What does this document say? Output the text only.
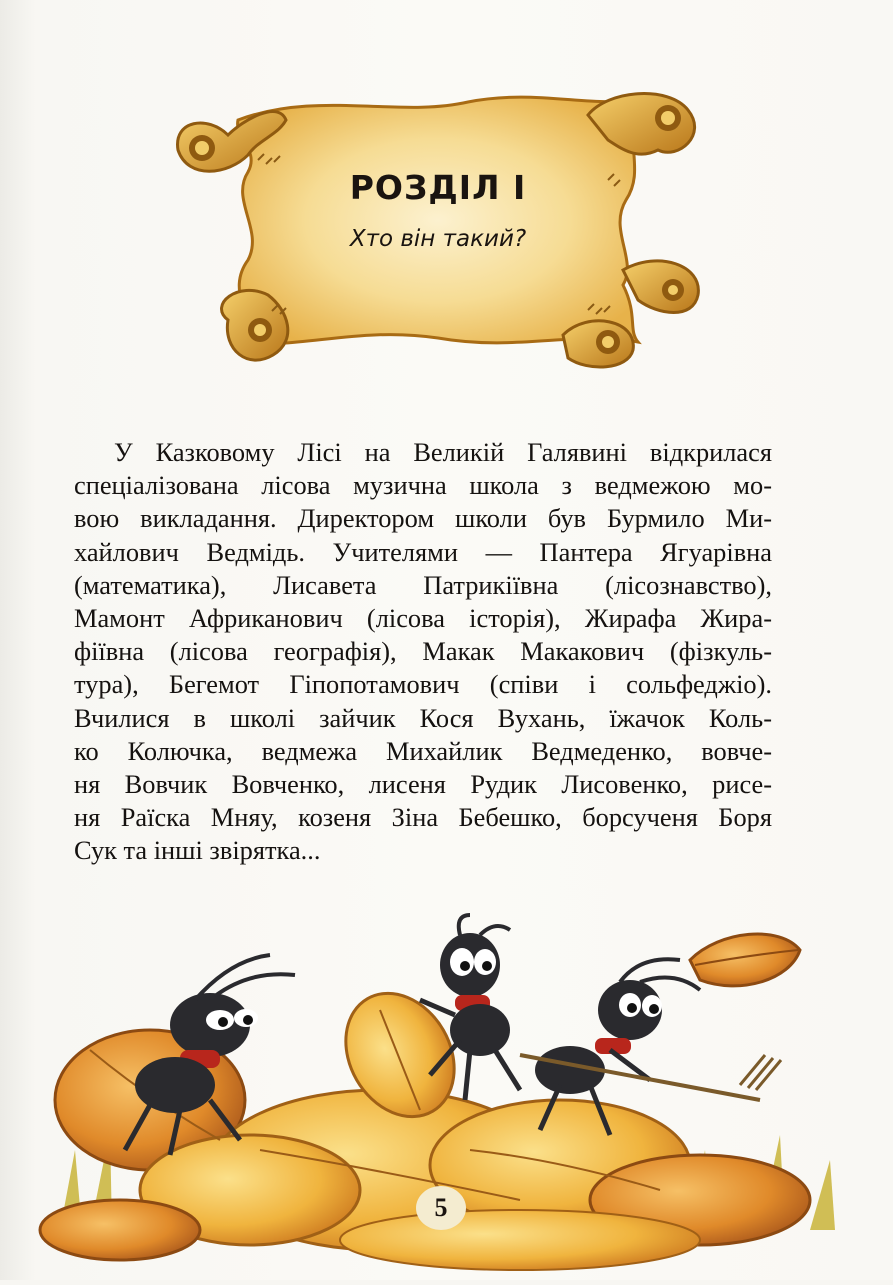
РОЗДІЛ І
Хто він такий?
У Казковому Лісі на Великій Галявині відкрилася
спеціалізована лісова музична школа з ведмежою мо-
вою викладання. Директором школи був Бурмило Ми-
хайлович Ведмідь. Учителями — Пантера Ягуарівна
(математика), Лисавета Патрикіївна (лісознавство),
Мамонт Африканович (лісова історія), Жирафа Жира-
фіївна (лісова географія), Макак Макакович (фізкуль-
тура), Бегемот Гіпопотамович (співи і сольфеджіо).
Вчилися в школі зайчик Кося Вухань, їжачок Коль-
ко Колючка, ведмежа Михайлик Ведмеденко, вовче-
ня Вовчик Вовченко, лисеня Рудик Лисовенко, рисе-
ня Раїска Мняу, козеня Зіна Бебешко, борсученя Боря
Сук та інші звірятка...
5
